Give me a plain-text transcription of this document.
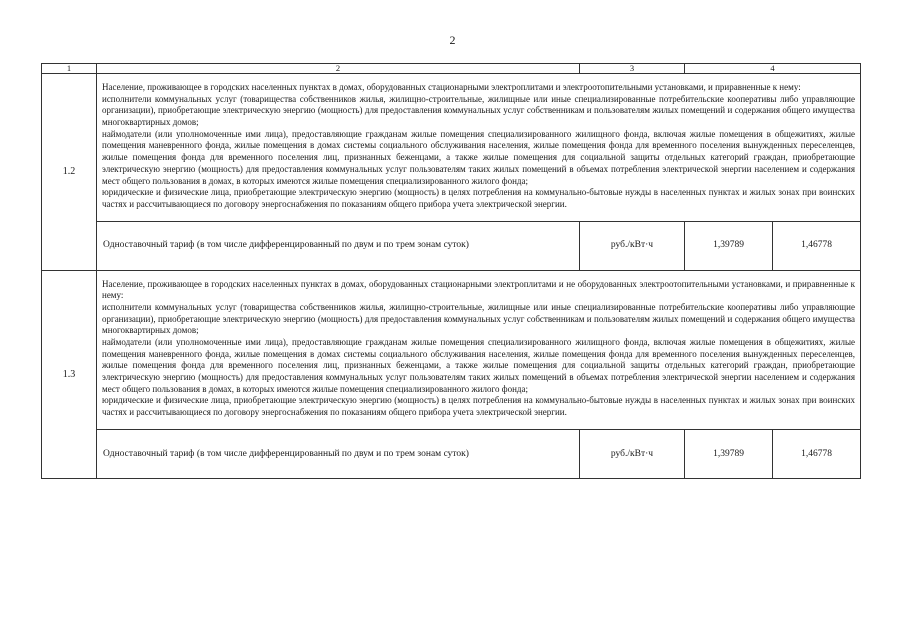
2
1	2	3	4	
1.2	Население, проживающее в городских населенных пунктах в домах, оборудованных стационарными электроплитами и электроотопительными установками, и приравненные к нему:

исполнители коммунальных услуг (товарищества собственников жилья, жилищно-строительные, жилищные или иные специализированные потребительские кооперативы либо управляющие организации), приобретающие электрическую энергию (мощность) для предоставления коммунальных услуг собственникам и пользователям жилых помещений и содержания общего имущества многоквартирных домов;

наймодатели (или уполномоченные ими лица), предоставляющие гражданам жилые помещения специализированного жилищного фонда, включая жилые помещения в общежитиях, жилые помещения маневренного фонда, жилые помещения в домах системы социального обслуживания населения, жилые помещения фонда для временного поселения вынужденных переселенцев, жилые помещения фонда для временного поселения лиц, признанных беженцами, а также жилые помещения для социальной защиты отдельных категорий граждан, приобретающие электрическую энергию (мощность) для предоставления коммунальных услуг пользователям таких жилых помещений в объемах потребления электрической энергии населением и содержания мест общего пользования в домах, в которых имеются жилые помещения специализированного жилого фонда;

юридические и физические лица, приобретающие электрическую энергию (мощность) в целях потребления на коммунально-бытовые нужды в населенных пунктах и жилых зонах при воинских частях и рассчитывающиеся по договору энергоснабжения по показаниям общего прибора учета электрической энергии.			

	Одноставочный тариф (в том числе дифференцированный по двум и по трем зонам суток)	руб./кВт·ч	1,39789	1,46778
1.3	Население, проживающее в городских населенных пунктах в домах, оборудованных стационарными электроплитами и не оборудованных электроотопительными установками, и приравненные к нему:

исполнители коммунальных услуг (товарищества собственников жилья, жилищно-строительные, жилищные или иные специализированные потребительские кооперативы либо управляющие организации), приобретающие электрическую энергию (мощность) для предоставления коммунальных услуг собственникам и пользователям жилых помещений и содержания общего имущества многоквартирных домов;

наймодатели (или уполномоченные ими лица), предоставляющие гражданам жилые помещения специализированного жилищного фонда, включая жилые помещения в общежитиях, жилые помещения маневренного фонда, жилые помещения в домах системы социального обслуживания населения, жилые помещения фонда для временного поселения вынужденных переселенцев, жилые помещения фонда для временного поселения лиц, признанных беженцами, а также жилые помещения для социальной защиты отдельных категорий граждан, приобретающие электрическую энергию (мощность) для предоставления коммунальных услуг пользователям таких жилых помещений в объемах потребления электрической энергии населением и содержания мест общего пользования в домах, в которых имеются жилые помещения специализированного жилого фонда;

юридические и физические лица, приобретающие электрическую энергию (мощность) в целях потребления на коммунально-бытовые нужды в населенных пунктах и жилых зонах при воинских частях и рассчитывающиеся по договору энергоснабжения по показаниям общего прибора учета электрической энергии.			

	Одноставочный тариф (в том числе дифференцированный по двум и по трем зонам суток)	руб./кВт·ч	1,39789	1,46778
